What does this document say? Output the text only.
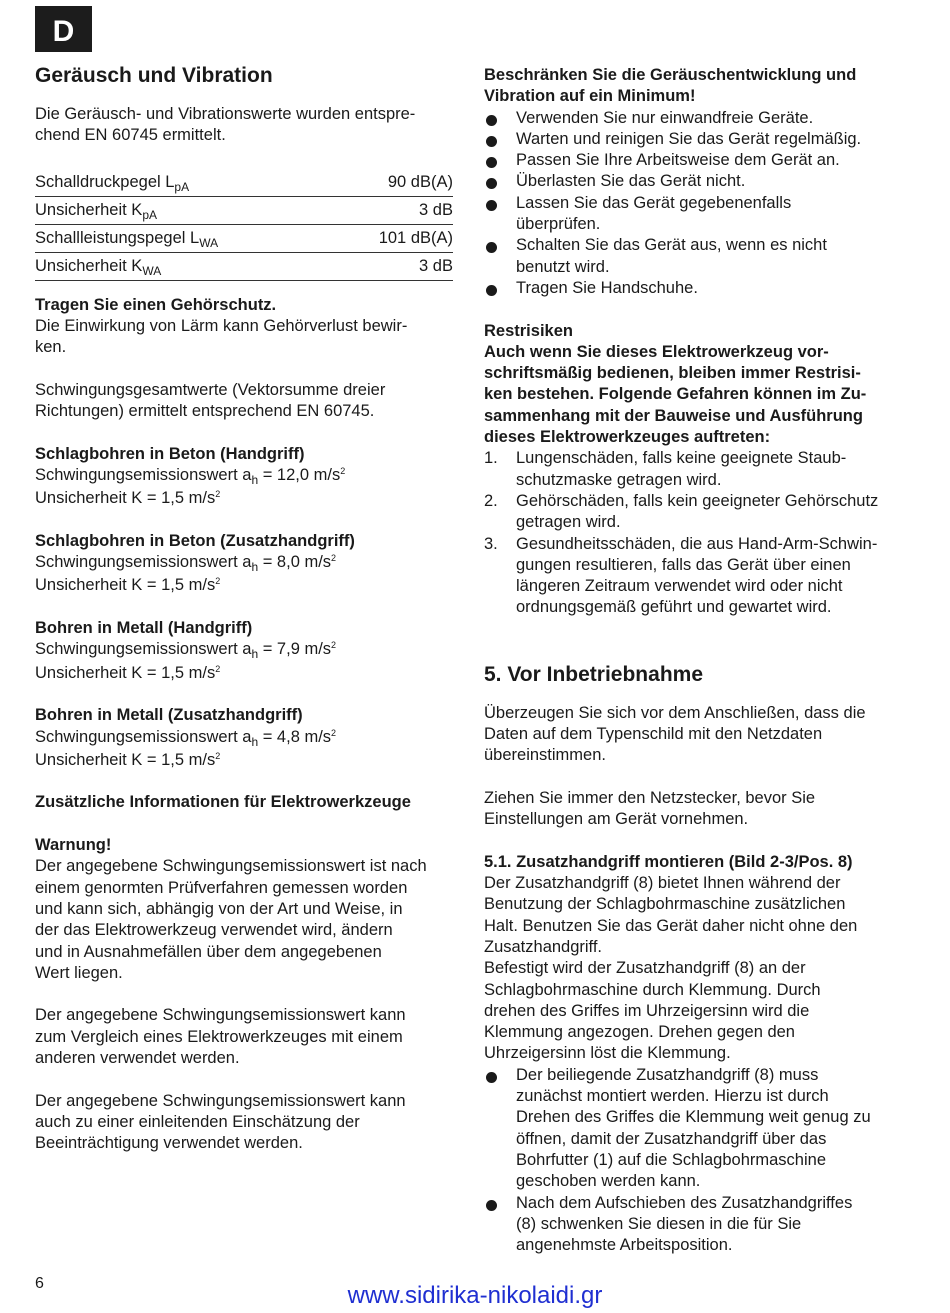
D
Geräusch und Vibration

Die Geräusch- und Vibrationswerte wurden entspre-
chend EN 60745 ermittelt.

Schalldruckpegel $L_{pA}$	90 dB(A)
Unsicherheit $K_{pA}$	3 dB
Schallleistungspegel $L_{WA}$	101 dB(A)
Unsicherheit $K_{WA}$	3 dB

Tragen Sie einen Gehörschutz.

Die Einwirkung von Lärm kann Gehörverlust bewir-
ken.

Schwingungsgesamtwerte (Vektorsumme dreier
Richtungen) ermittelt entsprechend EN 60745.

Schlagbohren in Beton (Handgriff)

Schwingungsemissionswert $a_h = 12,0$ $m/s^2$

Unsicherheit K = 1,5 $m/s^2$

Schlagbohren in Beton (Zusatzhandgriff)

Schwingungsemissionswert $a_h = 8,0$ $m/s^2$

Unsicherheit K = 1,5 $m/s^2$

Bohren in Metall (Handgriff)

Schwingungsemissionswert $a_h = 7,9$ $m/s^2$

Unsicherheit K = 1,5 $m/s^2$

Bohren in Metall (Zusatzhandgriff)

Schwingungsemissionswert $a_h = 4,8$ $m/s^2$

Unsicherheit K = 1,5 $m/s^2$

Zusätzliche Informationen für Elektrowerkzeuge

Warnung!

Der angegebene Schwingungsemissionswert ist nach
einem genormten Prüfverfahren gemessen worden
und kann sich, abhängig von der Art und Weise, in
der das Elektrowerkzeug verwendet wird, ändern
und in Ausnahmefällen über dem angegebenen
Wert liegen.

Der angegebene Schwingungsemissionswert kann
zum Vergleich eines Elektrowerkzeuges mit einem
anderen verwendet werden.

Der angegebene Schwingungsemissionswert kann
auch zu einer einleitenden Einschätzung der
Beeinträchtigung verwendet werden.

Beschränken Sie die Geräuschentwicklung und
Vibration auf ein Minimum!

Verwenden Sie nur einwandfreie Geräte.
Warten und reinigen Sie das Gerät regelmäßig.
Passen Sie Ihre Arbeitsweise dem Gerät an.
Überlasten Sie das Gerät nicht.
Lassen Sie das Gerät gegebenenfalls
überprüfen.
Schalten Sie das Gerät aus, wenn es nicht
benutzt wird.
Tragen Sie Handschuhe.

Restrisiken

Auch wenn Sie dieses Elektrowerkzeug vor-
schriftsmäßig bedienen, bleiben immer Restrisi-
ken bestehen. Folgende Gefahren können im Zu-
sammenhang mit der Bauweise und Ausführung
dieses Elektrowerkzeuges auftreten:

1. Lungenschäden, falls keine geeignete Staub-
schutzmaske getragen wird.
2. Gehörschäden, falls kein geeigneter Gehörschutz
getragen wird.
3. Gesundheitsschäden, die aus Hand-Arm-Schwin-
gungen resultieren, falls das Gerät über einen
längeren Zeitraum verwendet wird oder nicht
ordnungsgemäß geführt und gewartet wird.
5. Vor Inbetriebnahme

Überzeugen Sie sich vor dem Anschließen, dass die
Daten auf dem Typenschild mit den Netzdaten
übereinstimmen.

Ziehen Sie immer den Netzstecker, bevor Sie
Einstellungen am Gerät vornehmen.

5.1. Zusatzhandgriff montieren (Bild 2-3/Pos. 8)

Der Zusatzhandgriff (8) bietet Ihnen während der
Benutzung der Schlagbohrmaschine zusätzlichen
Halt. Benutzen Sie das Gerät daher nicht ohne den
Zusatzhandgriff.
Befestigt wird der Zusatzhandgriff (8) an der
Schlagbohrmaschine durch Klemmung. Durch
drehen des Griffes im Uhrzeigersinn wird die
Klemmung angezogen. Drehen gegen den
Uhrzeigersinn löst die Klemmung.

Der beiliegende Zusatzhandgriff (8) muss
zunächst montiert werden. Hierzu ist durch
Drehen des Griffes die Klemmung weit genug zu
öffnen, damit der Zusatzhandgriff über das
Bohrfutter (1) auf die Schlagbohrmaschine
geschoben werden kann.
Nach dem Aufschieben des Zusatzhandgriffes
(8) schwenken Sie diesen in die für Sie
angenehmste Arbeitsposition.
6	www.sidirika-nikolaidi.gr
